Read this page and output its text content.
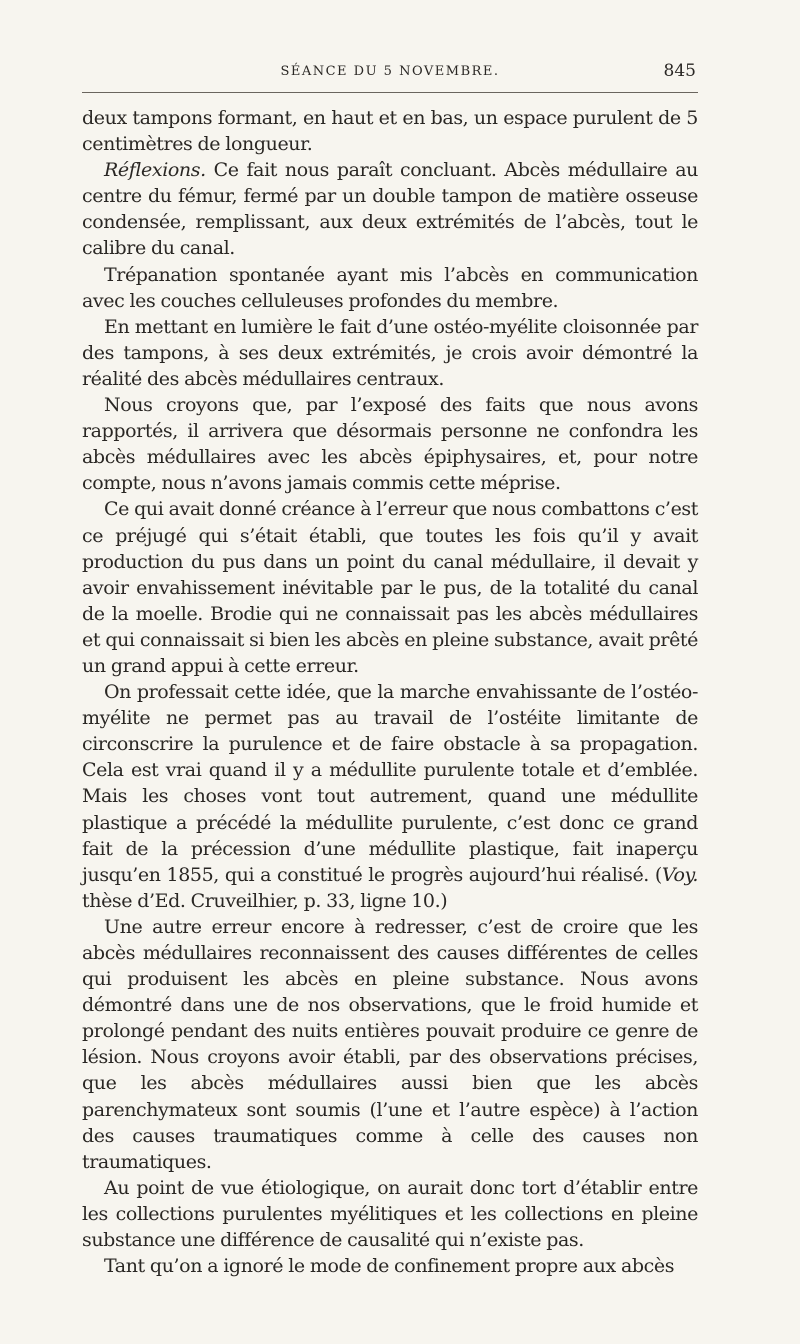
SÉANCE DU 5 NOVEMBRE.	845

deux tampons formant, en haut et en bas, un espace purulent de 5 centimètres de longueur.

Réflexions. Ce fait nous paraît concluant. Abcès médullaire au centre du fémur, fermé par un double tampon de matière osseuse condensée, remplissant, aux deux extrémités de l’abcès, tout le calibre du canal.

Trépanation spontanée ayant mis l’abcès en communication avec les couches celluleuses profondes du membre.

En mettant en lumière le fait d’une ostéo-myélite cloisonnée par des tampons, à ses deux extrémités, je crois avoir démontré la réalité des abcès médullaires centraux.

Nous croyons que, par l’exposé des faits que nous avons rapportés, il arrivera que désormais personne ne confondra les abcès médullaires avec les abcès épiphysaires, et, pour notre compte, nous n’avons jamais commis cette méprise.

Ce qui avait donné créance à l’erreur que nous combattons c’est ce préjugé qui s’était établi, que toutes les fois qu’il y avait production du pus dans un point du canal médullaire, il devait y avoir envahissement inévitable par le pus, de la totalité du canal de la moelle. Brodie qui ne connaissait pas les abcès médullaires et qui connaissait si bien les abcès en pleine substance, avait prêté un grand appui à cette erreur.

On professait cette idée, que la marche envahissante de l’ostéo-myélite ne permet pas au travail de l’ostéite limitante de circonscrire la purulence et de faire obstacle à sa propagation. Cela est vrai quand il y a médullite purulente totale et d’emblée. Mais les choses vont tout autrement, quand une médullite plastique a précédé la médullite purulente, c’est donc ce grand fait de la précession d’une médullite plastique, fait inaperçu jusqu’en 1855, qui a constitué le progrès aujourd’hui réalisé. (Voy. thèse d’Ed. Cruveilhier, p. 33, ligne 10.)

Une autre erreur encore à redresser, c’est de croire que les abcès médullaires reconnaissent des causes différentes de celles qui produisent les abcès en pleine substance. Nous avons démontré dans une de nos observations, que le froid humide et prolongé pendant des nuits entières pouvait produire ce genre de lésion. Nous croyons avoir établi, par des observations précises, que les abcès médullaires aussi bien que les abcès parenchymateux sont soumis (l’une et l’autre espèce) à l’action des causes traumatiques comme à celle des causes non traumatiques.

Au point de vue étiologique, on aurait donc tort d’établir entre les collections purulentes myélitiques et les collections en pleine substance une différence de causalité qui n’existe pas.

Tant qu’on a ignoré le mode de confinement propre aux abcès
